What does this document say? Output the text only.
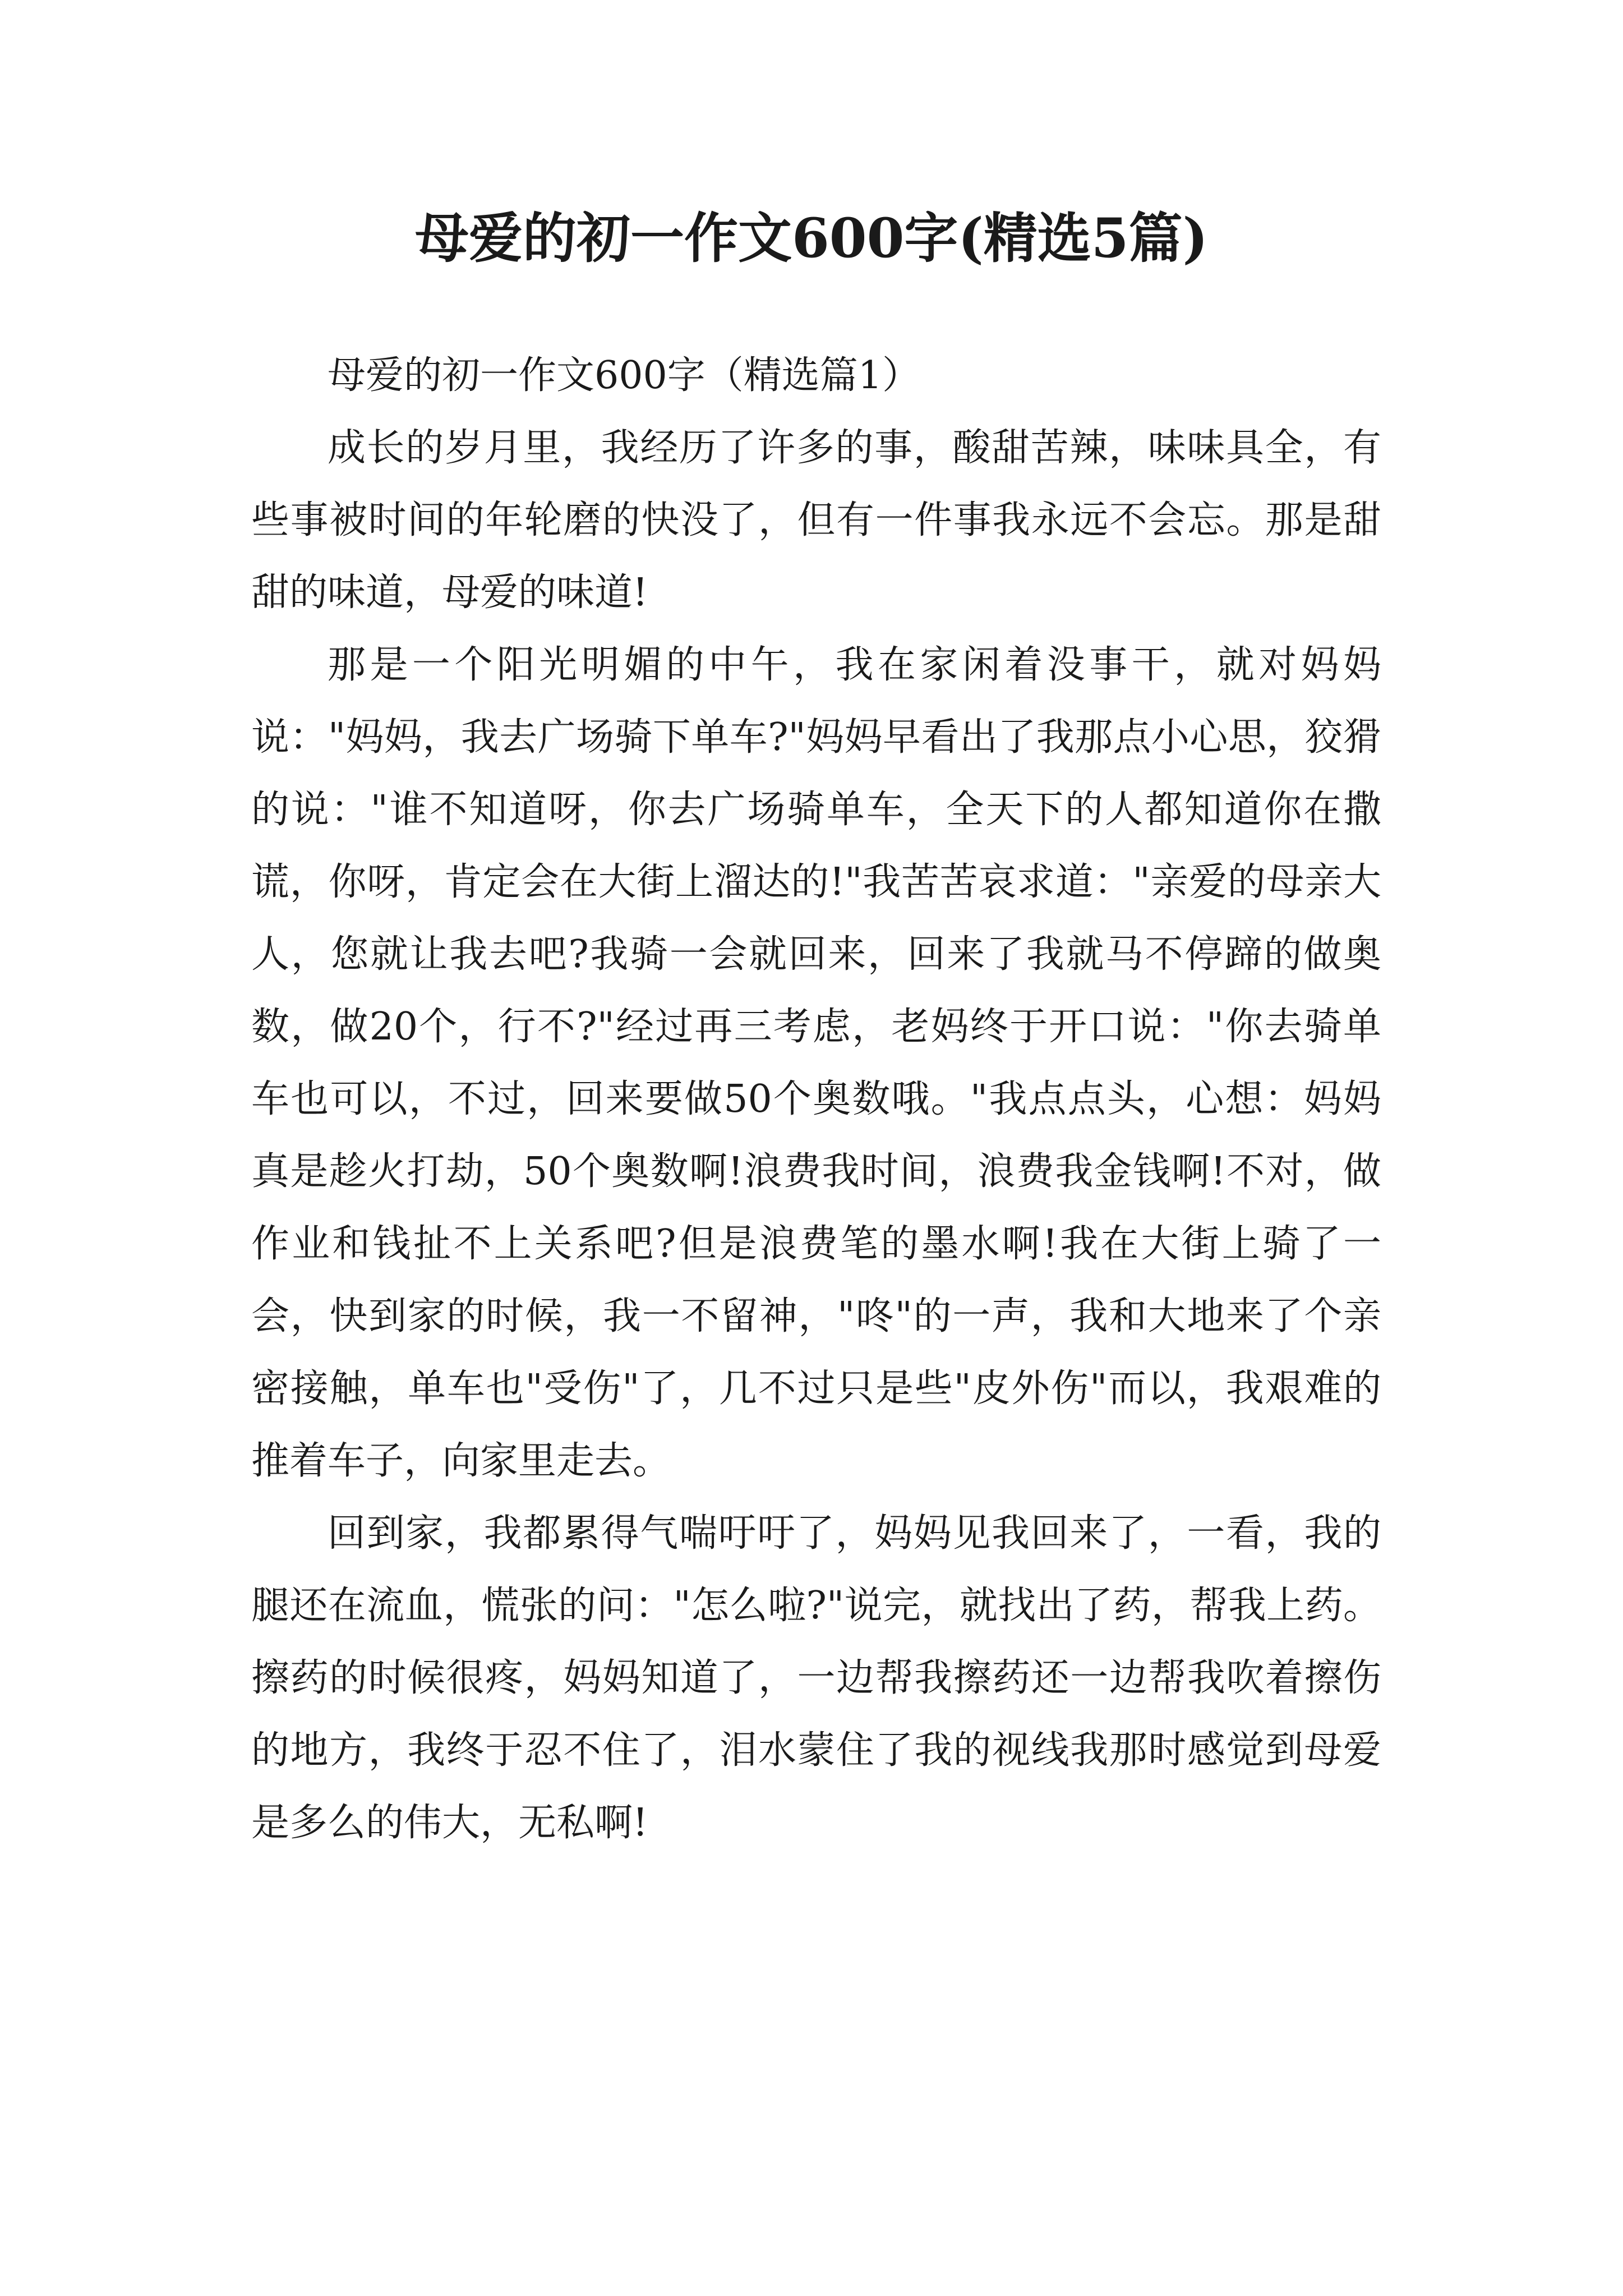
母爱的初一作文600字(精选5篇)

母爱的初一作文600字（精选篇1）

成长的岁月里，我经历了许多的事，酸甜苦辣，味味具全，有些事被时间的年轮磨的快没了，但有一件事我永远不会忘。那是甜甜的味道，母爱的味道!

那是一个阳光明媚的中午，我在家闲着没事干，就对妈妈说："妈妈，我去广场骑下单车?"妈妈早看出了我那点小心思，狡猾的说："谁不知道呀，你去广场骑单车，全天下的人都知道你在撒谎，你呀，肯定会在大街上溜达的!"我苦苦哀求道："亲爱的母亲大人，您就让我去吧?我骑一会就回来，回来了我就马不停蹄的做奥数，做20个，行不?"经过再三考虑，老妈终于开口说："你去骑单车也可以，不过，回来要做50个奥数哦。"我点点头，心想：妈妈真是趁火打劫，50个奥数啊!浪费我时间，浪费我金钱啊!不对，做作业和钱扯不上关系吧?但是浪费笔的墨水啊!我在大街上骑了一会，快到家的时候，我一不留神，"咚"的一声，我和大地来了个亲密接触，单车也"受伤"了，几不过只是些"皮外伤"而以，我艰难的推着车子，向家里走去。

回到家，我都累得气喘吁吁了，妈妈见我回来了，一看，我的腿还在流血，慌张的问："怎么啦?"说完，就找出了药，帮我上药。擦药的时候很疼，妈妈知道了，一边帮我擦药还一边帮我吹着擦伤的地方，我终于忍不住了，泪水蒙住了我的视线我那时感觉到母爱是多么的伟大，无私啊!
